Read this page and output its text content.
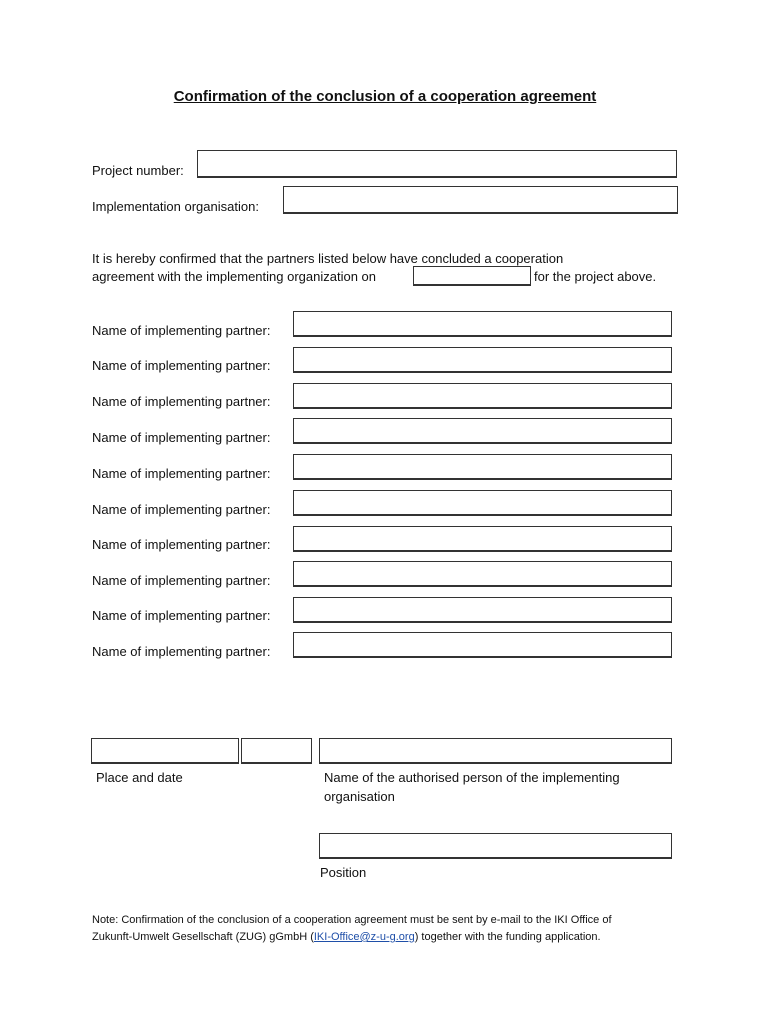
Confirmation of the conclusion of a cooperation agreement
Project number:
Implementation organisation:
It is hereby confirmed that the partners listed below have concluded a cooperation
agreement with the implementing organization on	for the project above.
Name of implementing partner:
Name of implementing partner:
Name of implementing partner:
Name of implementing partner:
Name of implementing partner:
Name of implementing partner:
Name of implementing partner:
Name of implementing partner:
Name of implementing partner:
Name of implementing partner:
Place and date	Name of the authorised person of the implementing
organisation
Position
Note: Confirmation of the conclusion of a cooperation agreement must be sent by e-mail to the IKI Office of
Zukunft-Umwelt Gesellschaft (ZUG) gGmbH (IKI-Office@z-u-g.org) together with the funding application.
